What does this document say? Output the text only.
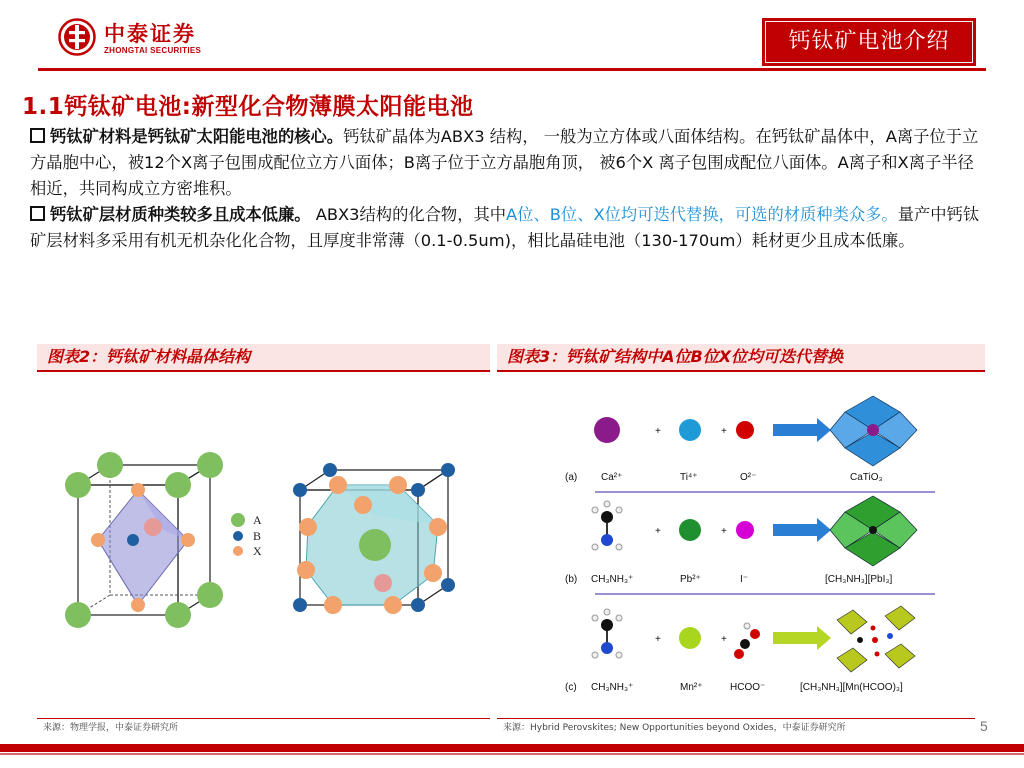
中泰证券
ZHONGTAI SECURITIES	钙钛矿电池介绍
1.1钙钛矿电池:新型化合物薄膜太阳能电池

钙钛矿材料是钙钛矿太阳能电池的核心。钙钛矿晶体为ABX3 结构， 一般为立方体或八面体结构。在钙钛矿晶体中，A离子位于立方晶胞中心，被12个X离子包围成配位立方八面体；B离子位于立方晶胞角顶， 被6个X 离子包围成配位八面体。A离子和X离子半径相近，共同构成立方密堆积。

钙钛矿层材质种类较多且成本低廉。 ABX3结构的化合物，其中A位、B位、X位均可迭代替换，可选的材质种类众多。量产中钙钛矿层材料多采用有机无机杂化化合物，且厚度非常薄（0.1-0.5um)，相比晶硅电池（130-170um）耗材更少且成本低廉。

图表2：钙钛矿材料晶体结构	图表3：钙钛矿结构中A位B位X位均可迭代替换
A
B
X
+	+
(a) Ca²⁺	Ti⁴⁺	O²⁻	CaTiO₃
+	+
(b) CH₃NH₃⁺	Pb²⁺	I⁻	[CH₃NH₃][PbI₃]
+	+
(c) CH₃NH₃⁺	Mn²⁺	HCOO⁻	[CH₃NH₃][Mn(HCOO)₃]
来源：物理学报，中泰证券研究所	来源：Hybrid Perovskites; New Opportunities beyond Oxides，中泰证券研究所	5
